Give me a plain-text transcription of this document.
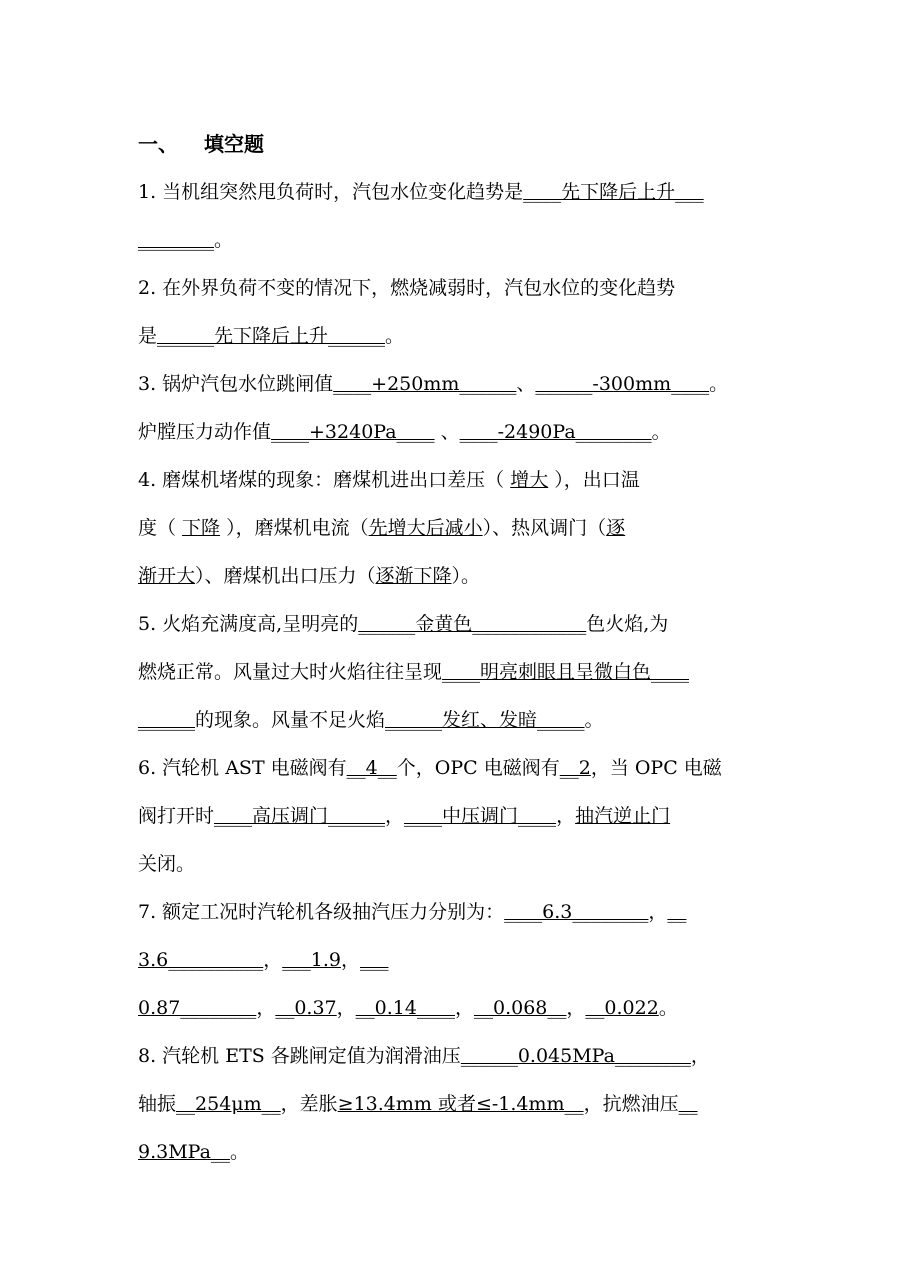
一、 填空题
1. 当机组突然甩负荷时，汽包水位变化趋势是____先下降后上升___
________。
2. 在外界负荷不变的情况下，燃烧减弱时，汽包水位的变化趋势
是______先下降后上升______。
3. 锅炉汽包水位跳闸值____+250mm______、______-300mm____。
炉膛压力动作值____+3240Pa____ 、____-2490Pa________。
4. 磨煤机堵煤的现象：磨煤机进出口差压（ 增大 ），出口温
度（ 下降 ），磨煤机电流（先增大后减小）、热风调门（逐
渐开大）、磨煤机出口压力（逐渐下降）。
5. 火焰充满度高,呈明亮的______金黄色____________色火焰,为
燃烧正常。风量过大时火焰往往呈现____明亮刺眼且呈微白色____
______的现象。风量不足火焰______发红、发暗_____。
6. 汽轮机 AST 电磁阀有__4__个，OPC 电磁阀有__2，当 OPC 电磁
阀打开时____高压调门______，____中压调门____，抽汽逆止门
关闭。
7. 额定工况时汽轮机各级抽汽压力分别为：____6.3________，__
3.6__________，___1.9，___
0.87________，__0.37，__0.14____，__0.068__，__0.022。
8. 汽轮机 ETS 各跳闸定值为润滑油压______0.045MPa________，
轴振__254μm__，差胀≥13.4mm 或者≤-1.4mm__，抗燃油压__
9.3MPa__。
